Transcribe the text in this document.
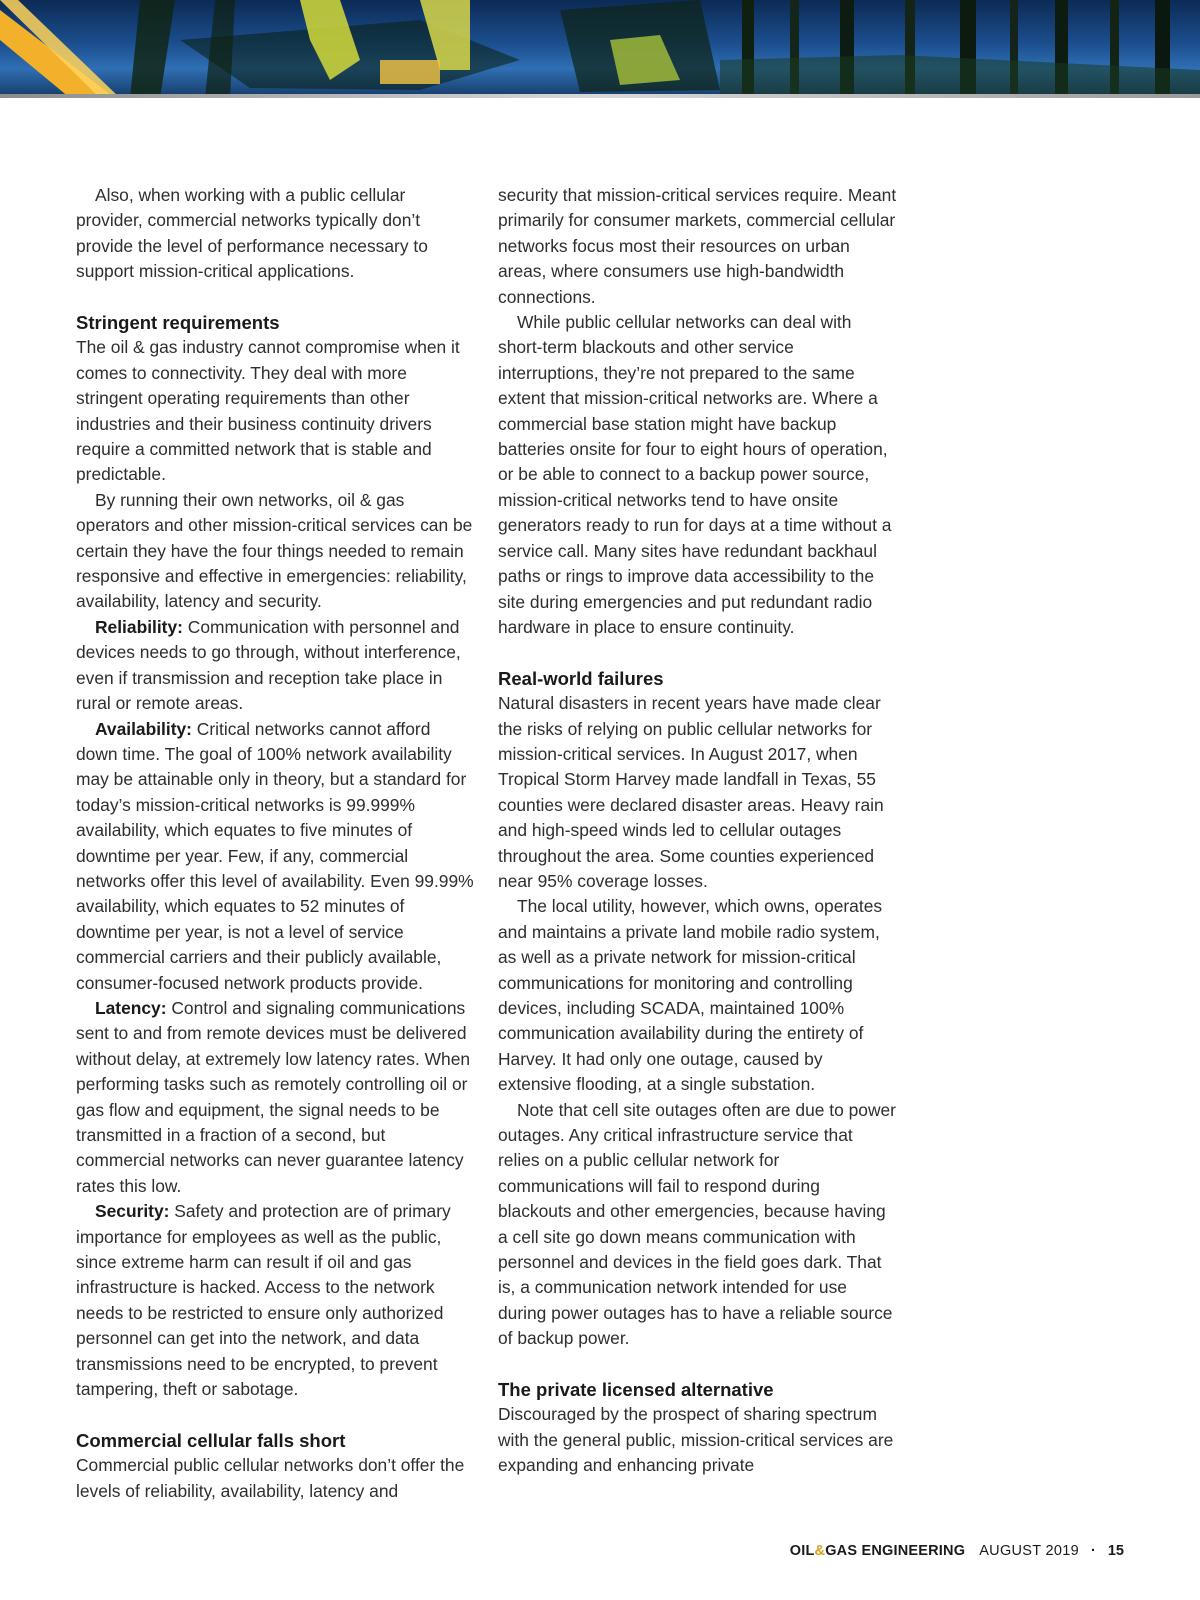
Also, when working with a public cellular provider, commercial networks typically don’t provide the level of performance necessary to support mission-critical applications.

Stringent requirements

The oil & gas industry cannot compromise when it comes to connectivity. They deal with more stringent operating requirements than other industries and their business continuity drivers require a committed network that is stable and predictable.

By running their own networks, oil & gas operators and other mission-critical services can be certain they have the four things needed to remain responsive and effective in emergencies: reliability, availability, latency and security.

Reliability: Communication with personnel and devices needs to go through, without interference, even if transmission and reception take place in rural or remote areas.

Availability: Critical networks cannot afford down time. The goal of 100% network availability may be attainable only in theory, but a standard for today’s mission-critical networks is 99.999% availability, which equates to five minutes of downtime per year. Few, if any, commercial networks offer this level of availability. Even 99.99% availability, which equates to 52 minutes of downtime per year, is not a level of service commercial carriers and their publicly available, consumer-focused network products provide.

Latency: Control and signaling communications sent to and from remote devices must be delivered without delay, at extremely low latency rates. When performing tasks such as remotely controlling oil or gas flow and equipment, the signal needs to be transmitted in a fraction of a second, but commercial networks can never guarantee latency rates this low.

Security: Safety and protection are of primary importance for employees as well as the public, since extreme harm can result if oil and gas infrastructure is hacked. Access to the network needs to be restricted to ensure only authorized personnel can get into the network, and data transmissions need to be encrypted, to prevent tampering, theft or sabotage.

Commercial cellular falls short

Commercial public cellular networks don’t offer the levels of reliability, availability, latency and

security that mission-critical services require. Meant primarily for consumer markets, commercial cellular networks focus most their resources on urban areas, where consumers use high-bandwidth connections.

While public cellular networks can deal with short-term blackouts and other service interruptions, they’re not prepared to the same extent that mission-critical networks are. Where a commercial base station might have backup batteries onsite for four to eight hours of operation, or be able to connect to a backup power source, mission-critical networks tend to have onsite generators ready to run for days at a time without a service call. Many sites have redundant backhaul paths or rings to improve data accessibility to the site during emergencies and put redundant radio hardware in place to ensure continuity.

Real-world failures

Natural disasters in recent years have made clear the risks of relying on public cellular networks for mission-critical services. In August 2017, when Tropical Storm Harvey made landfall in Texas, 55 counties were declared disaster areas. Heavy rain and high-speed winds led to cellular outages throughout the area. Some counties experienced near 95% coverage losses.

The local utility, however, which owns, operates and maintains a private land mobile radio system, as well as a private network for mission-critical communications for monitoring and controlling devices, including SCADA, maintained 100% communication availability during the entirety of Harvey. It had only one outage, caused by extensive flooding, at a single substation.

Note that cell site outages often are due to power outages. Any critical infrastructure service that relies on a public cellular network for communications will fail to respond during blackouts and other emergencies, because having a cell site go down means communication with personnel and devices in the field goes dark. That is, a communication network intended for use during power outages has to have a reliable source of backup power.

The private licensed alternative

Discouraged by the prospect of sharing spectrum with the general public, mission-critical services are expanding and enhancing private

OIL&GAS ENGINEERING AUGUST 2019 · 15
